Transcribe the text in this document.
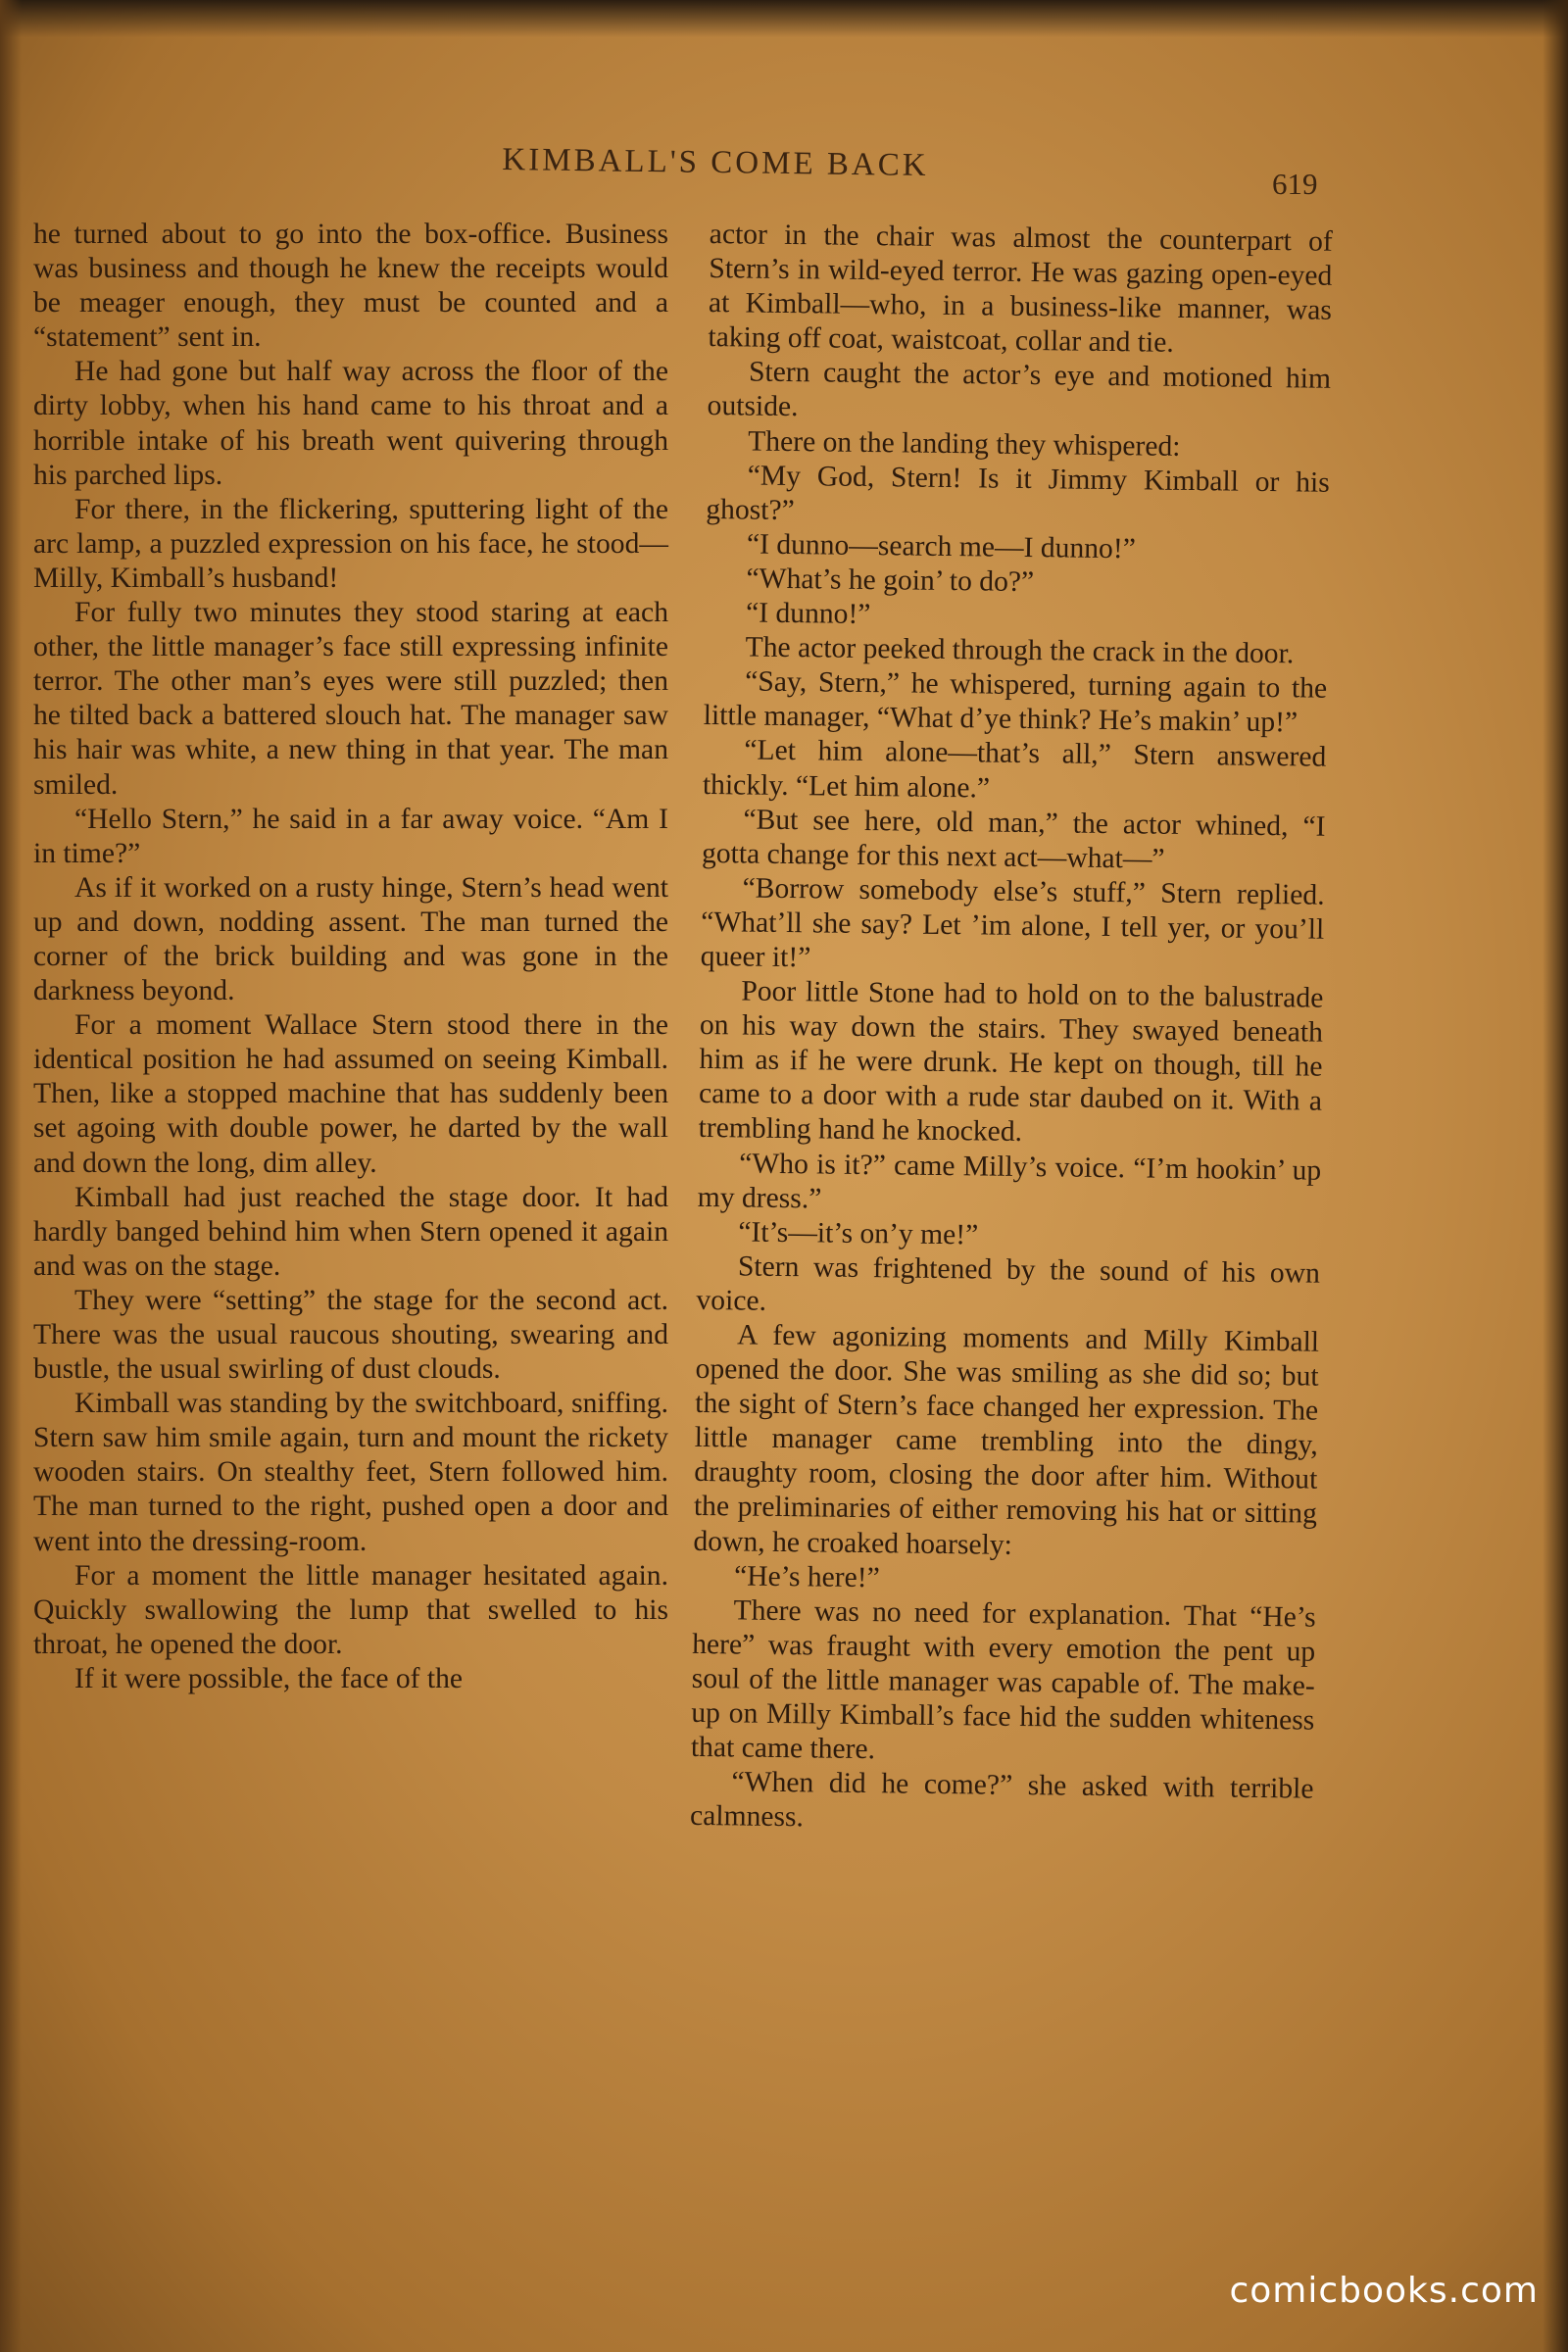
KIMBALL'S COME BACK
619

he turned about to go into the box-office. Business was business and though he knew the receipts would be meager enough, they must be counted and a “statement” sent in.

He had gone but half way across the floor of the dirty lobby, when his hand came to his throat and a horrible intake of his breath went quivering through his parched lips.

For there, in the flickering, sputtering light of the arc lamp, a puzzled expression on his face, he stood—Milly, Kimball’s husband!

For fully two minutes they stood staring at each other, the little manager’s face still expressing infinite terror. The other man’s eyes were still puzzled; then he tilted back a battered slouch hat. The manager saw his hair was white, a new thing in that year. The man smiled.

“Hello Stern,” he said in a far away voice. “Am I in time?”

As if it worked on a rusty hinge, Stern’s head went up and down, nodding assent. The man turned the corner of the brick building and was gone in the darkness beyond.

For a moment Wallace Stern stood there in the identical position he had assumed on seeing Kimball. Then, like a stopped machine that has suddenly been set agoing with double power, he darted by the wall and down the long, dim alley.

Kimball had just reached the stage door. It had hardly banged behind him when Stern opened it again and was on the stage.

They were “setting” the stage for the second act. There was the usual raucous shouting, swearing and bustle, the usual swirling of dust clouds.

Kimball was standing by the switchboard, sniffing. Stern saw him smile again, turn and mount the rickety wooden stairs. On stealthy feet, Stern followed him. The man turned to the right, pushed open a door and went into the dressing-room.

For a moment the little manager hesitated again. Quickly swallowing the lump that swelled to his throat, he opened the door.

If it were possible, the face of the

actor in the chair was almost the counterpart of Stern’s in wild-eyed terror. He was gazing open-eyed at Kimball—who, in a business-like manner, was taking off coat, waistcoat, collar and tie.

Stern caught the actor’s eye and motioned him outside.

There on the landing they whispered:

“My God, Stern! Is it Jimmy Kimball or his ghost?”

“I dunno—search me—I dunno!”

“What’s he goin’ to do?”

“I dunno!”

The actor peeked through the crack in the door.

“Say, Stern,” he whispered, turning again to the little manager, “What d’ye think? He’s makin’ up!”

“Let him alone—that’s all,” Stern answered thickly. “Let him alone.”

“But see here, old man,” the actor whined, “I gotta change for this next act—what—”

“Borrow somebody else’s stuff,” Stern replied. “What’ll she say? Let ’im alone, I tell yer, or you’ll queer it!”

Poor little Stone had to hold on to the balustrade on his way down the stairs. They swayed beneath him as if he were drunk. He kept on though, till he came to a door with a rude star daubed on it. With a trembling hand he knocked.

“Who is it?” came Milly’s voice. “I’m hookin’ up my dress.”

“It’s—it’s on’y me!”

Stern was frightened by the sound of his own voice.

A few agonizing moments and Milly Kimball opened the door. She was smiling as she did so; but the sight of Stern’s face changed her expression. The little manager came trembling into the dingy, draughty room, closing the door after him. Without the preliminaries of either removing his hat or sitting down, he croaked hoarsely:

“He’s here!”

There was no need for explanation. That “He’s here” was fraught with every emotion the pent up soul of the little manager was capable of. The make-up on Milly Kimball’s face hid the sudden whiteness that came there.

“When did he come?” she asked with terrible calmness.

comicbooks.com
